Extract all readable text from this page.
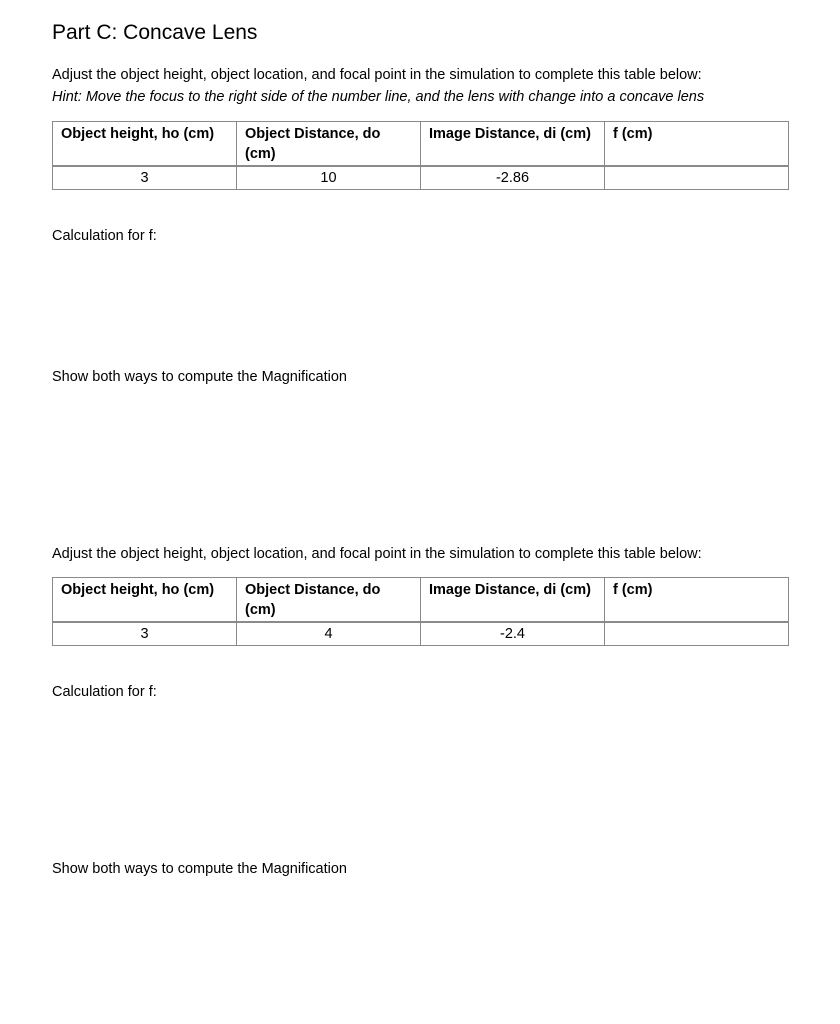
Part C: Concave Lens
Adjust the object height, object location, and focal point in the simulation to complete this table below:
Hint: Move the focus to the right side of the number line, and the lens with change into a concave lens
Object height, ho (cm)	Object Distance, do (cm)	Image Distance, di (cm)	f (cm)
3	10	-2.86	
Calculation for f:
Show both ways to compute the Magnification
Adjust the object height, object location, and focal point in the simulation to complete this table below:
Object height, ho (cm)	Object Distance, do (cm)	Image Distance, di (cm)	f (cm)
3	4	-2.4	
Calculation for f:
Show both ways to compute the Magnification
